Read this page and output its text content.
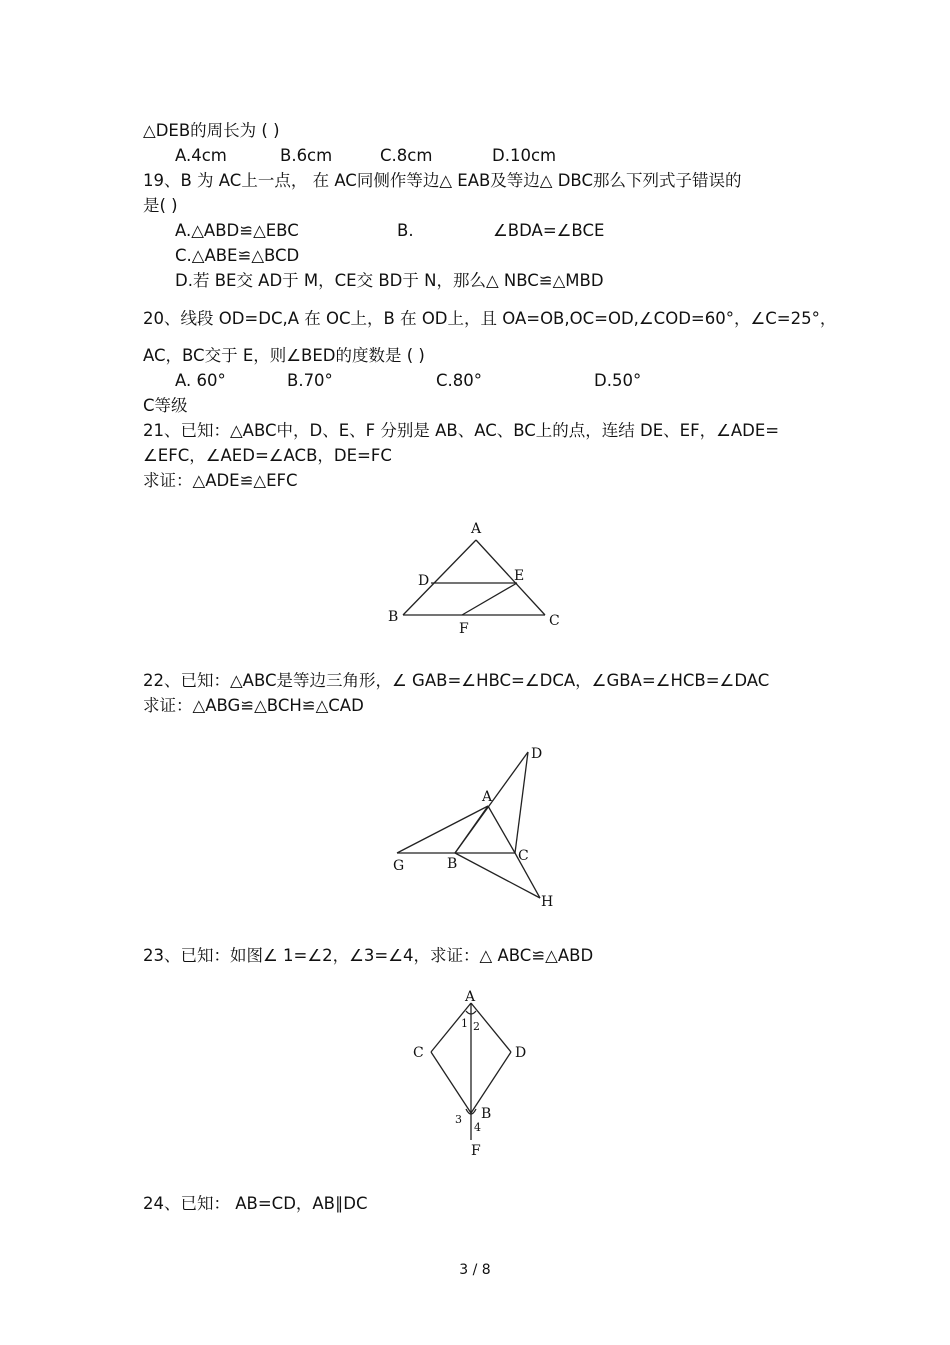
△DEB的周长为 ( )
A.4cm	B.6cm	C.8cm	D.10cm
19、B 为 AC上一点， 在 AC同侧作等边△ EAB及等边△ DBC那么下列式子错误的
是( )
A.△ABD≌△EBC	B.	∠BDA=∠BCE
C.△ABE≌△BCD
D.若 BE交 AD于 M，CE交 BD于 N，那么△ NBC≌△MBD
20、线段 OD=DC,A 在 OC上，B 在 OD上，且 OA=OB,OC=OD,∠COD=60°，∠C=25°，
AC，BC交于 E，则∠BED的度数是 ( )
A. 60°	B.70°	C.80°	D.50°
C等级
21、已知：△ABC中，D、E、F 分别是 AB、AC、BC上的点，连结 DE、EF，∠ADE=
∠EFC，∠AED=∠ACB，DE=FC
求证：△ADE≌△EFC
A
D	E
B
F	C
22、已知：△ABC是等边三角形，∠ GAB=∠HBC=∠DCA，∠GBA=∠HCB=∠DAC
求证：△ABG≌△BCH≌△CAD
A
D
G	B	C
H
23、已知：如图∠ 1=∠2，∠3=∠4，求证：△ ABC≌△ABD
A
1 2
C	D
3 B
4
F
24、已知： AB=CD，AB∥DC
3 / 8
